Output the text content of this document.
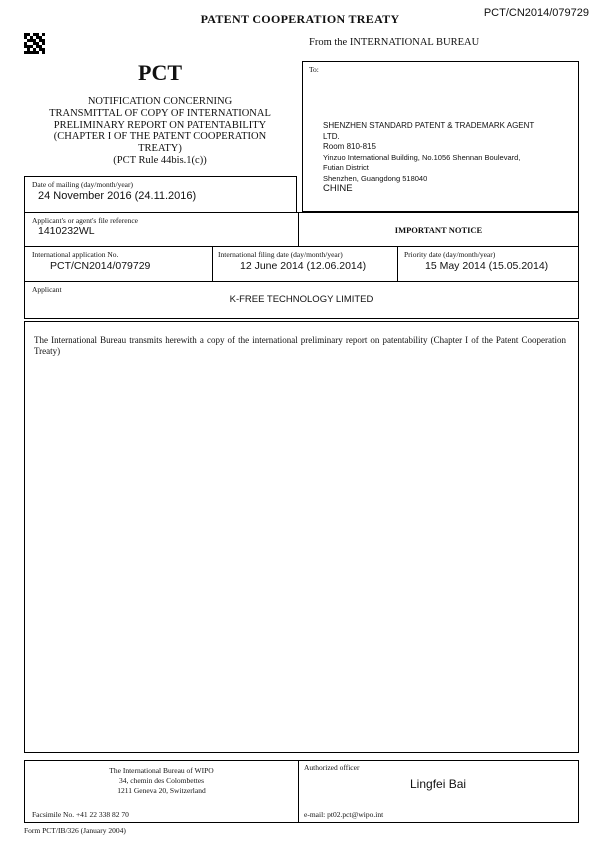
PATENT COOPERATION TREATY	PCT/CN2014/079729
From the INTERNATIONAL BUREAU
PCT
NOTIFICATION CONCERNING
TRANSMITTAL OF COPY OF INTERNATIONAL
PRELIMINARY REPORT ON PATENTABILITY
(CHAPTER I OF THE PATENT COOPERATION
TREATY)
(PCT Rule 44bis.1(c))
To:
SHENZHEN STANDARD PATENT & TRADEMARK AGENT
LTD.
Room 810-815
Yinzuo International Building, No.1056 Shennan Boulevard,
Futian District
Shenzhen, Guangdong 518040
CHINE
Date of mailing (day/month/year)
24 November 2016 (24.11.2016)
Applicant's or agent's file reference
1410232WL	IMPORTANT NOTICE
International application No.
PCT/CN2014/079729
International filing date (day/month/year)
12 June 2014 (12.06.2014)
Priority date (day/month/year)
15 May 2014 (15.05.2014)
Applicant
K-FREE TECHNOLOGY LIMITED
The International Bureau transmits herewith a copy of the international preliminary report on patentability (Chapter I of the Patent Cooperation Treaty)
The International Bureau of WIPO
34, chemin des Colombettes
1211 Geneva 20, Switzerland
Facsimile No. +41 22 338 82 70
Authorized officer
Lingfei Bai
e-mail: pt02.pct@wipo.int
Form PCT/IB/326 (January 2004)
